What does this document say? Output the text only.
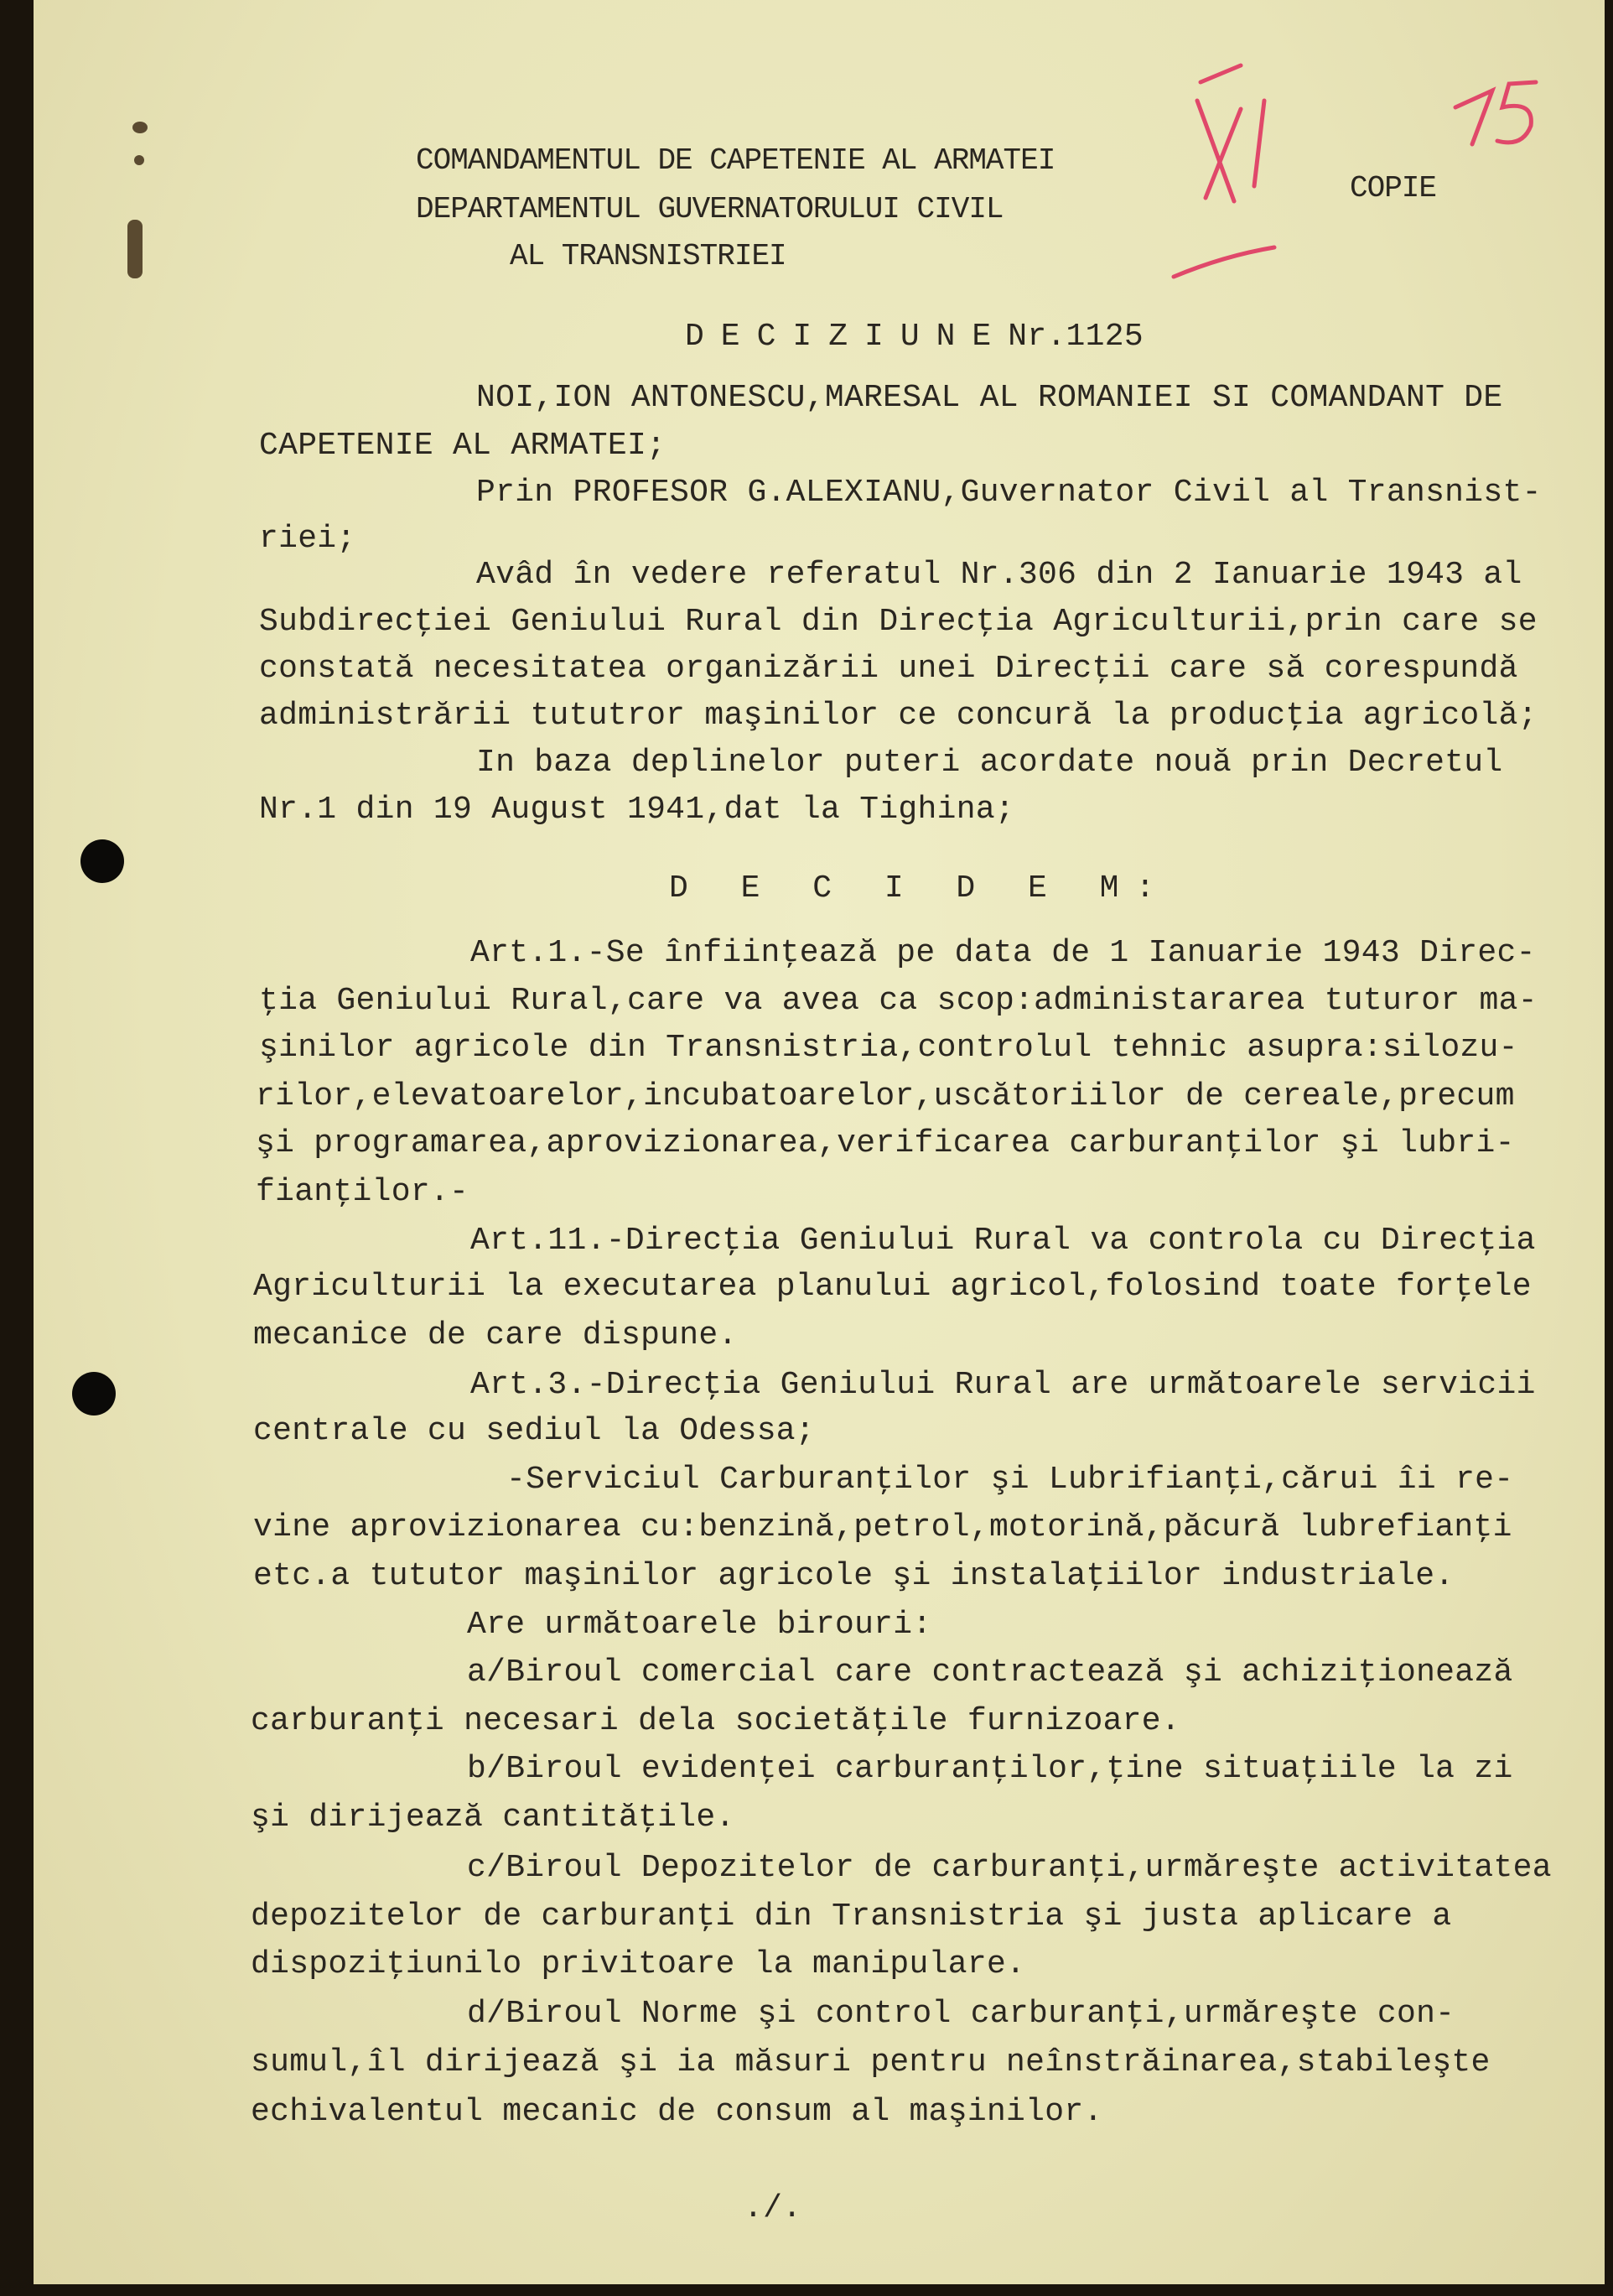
COMANDAMENTUL DE CAPETENIE AL ARMATEI
DEPARTAMENTUL GUVERNATORULUI CIVIL
AL TRANSNISTRIEI
COPIE
DECIZIUNENr.1125
NOI,ION ANTONESCU,MARESAL AL ROMANIEI SI COMANDANT DE
CAPETENIE AL ARMATEI;
Prin PROFESOR G.ALEXIANU,Guvernator Civil al Transnist-
riei;
Avâd în vedere referatul Nr.306 din 2 Ianuarie 1943 al
Subdirecţiei Geniului Rural din Direcţia Agriculturii,prin care se
constată necesitatea organizării unei Direcţii care să corespundă
administrării tututror maşinilor ce concură la producţia agricolă;
In baza deplinelor puteri acordate nouă prin Decretul
Nr.1 din 19 August 1941,dat la Tighina;
D E C I D E M:
Art.1.-Se înfiinţează pe data de 1 Ianuarie 1943 Direc-
ţia Geniului Rural,care va avea ca scop:administararea tuturor ma-
şinilor agricole din Transnistria,controlul tehnic asupra:silozu-
rilor,elevatoarelor,incubatoarelor,uscătoriilor de cereale,precum
şi programarea,aprovizionarea,verificarea carburanţilor şi lubri-
fianţilor.-
Art.11.-Direcţia Geniului Rural va controla cu Direcţia
Agriculturii la executarea planului agricol,folosind toate forţele
mecanice de care dispune.
Art.3.-Direcţia Geniului Rural are următoarele servicii
centrale cu sediul la Odessa;
-Serviciul Carburanţilor şi Lubrifianţi,cărui îi re-
vine aprovizionarea cu:benzină,petrol,motorină,păcură lubrefianţi
etc.a tututor maşinilor agricole şi instalaţiilor industriale.
Are următoarele birouri:
a/Biroul comercial care contractează şi achiziţionează
carburanţi necesari dela societăţile furnizoare.
b/Biroul evidenţei carburanţilor,ţine situaţiile la zi
şi dirijează cantităţile.
c/Biroul Depozitelor de carburanţi,urmăreşte activitatea
depozitelor de carburanţi din Transnistria şi justa aplicare a
dispoziţiunilo privitoare la manipulare.
d/Biroul Norme şi control carburanţi,urmăreşte con-
sumul,îl dirijează şi ia măsuri pentru neînstrăinarea,stabileşte
echivalentul mecanic de consum al maşinilor.
./.
